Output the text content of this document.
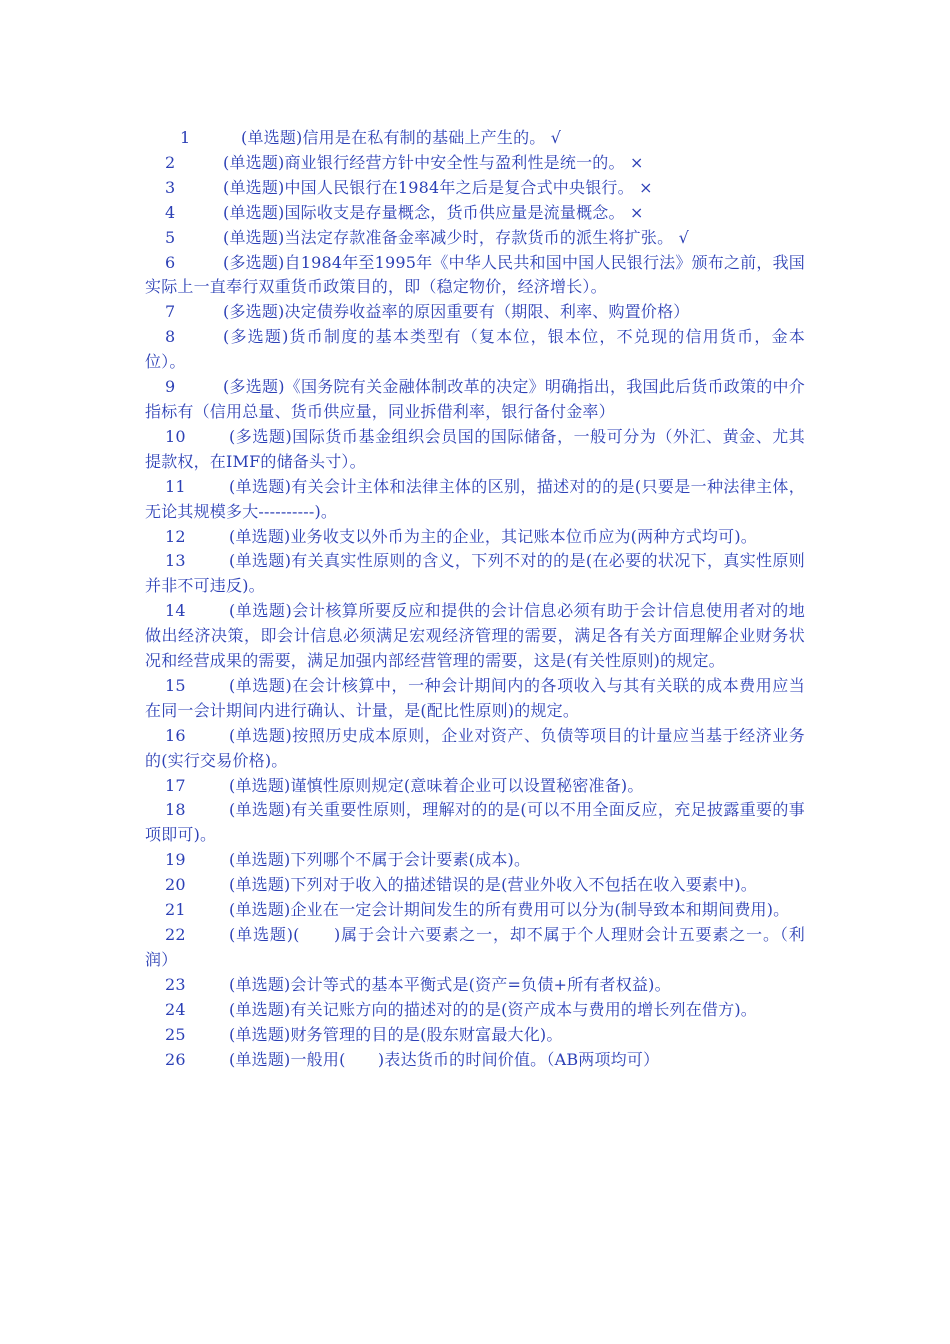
1	(单选题)信用是在私有制的基础上产生的。 √

2	(单选题)商业银行经营方针中安全性与盈利性是统一的。 ×

3	(单选题)中国人民银行在1984年之后是复合式中央银行。 ×

4	(单选题)国际收支是存量概念，货币供应量是流量概念。 ×

5	(单选题)当法定存款准备金率减少时，存款货币的派生将扩张。 √

6	(多选题)自1984年至1995年《中华人民共和国中国人民银行法》颁布之前，我国实际上一直奉行双重货币政策目的，即（稳定物价，经济增长）。

7	(多选题)决定债券收益率的原因重要有（期限、利率、购置价格）

8	(多选题)货币制度的基本类型有（复本位，银本位，不兑现的信用货币，金本位）。

9	(多选题)《国务院有关金融体制改革的决定》明确指出，我国此后货币政策的中介指标有（信用总量、货币供应量，同业拆借利率，银行备付金率）

10	(多选题)国际货币基金组织会员国的国际储备，一般可分为（外汇、黄金、尤其提款权，在IMF的储备头寸）。

11	(单选题)有关会计主体和法律主体的区别，描述对的的是(只要是一种法律主体，无论其规模多大----------)。

12	(单选题)业务收支以外币为主的企业，其记账本位币应为(两种方式均可)。

13	(单选题)有关真实性原则的含义，下列不对的的是(在必要的状况下，真实性原则并非不可违反)。

14	(单选题)会计核算所要反应和提供的会计信息必须有助于会计信息使用者对的地做出经济决策，即会计信息必须满足宏观经济管理的需要，满足各有关方面理解企业财务状况和经营成果的需要，满足加强内部经营管理的需要，这是(有关性原则)的规定。

15	(单选题)在会计核算中，一种会计期间内的各项收入与其有关联的成本费用应当在同一会计期间内进行确认、计量，是(配比性原则)的规定。

16	(单选题)按照历史成本原则，企业对资产、负债等项目的计量应当基于经济业务的(实行交易价格)。

17	(单选题)谨慎性原则规定(意味着企业可以设置秘密准备)。

18	(单选题)有关重要性原则，理解对的的是(可以不用全面反应，充足披露重要的事项即可)。

19	(单选题)下列哪个不属于会计要素(成本)。

20	(单选题)下列对于收入的描述错误的是(营业外收入不包括在收入要素中)。

21	(单选题)企业在一定会计期间发生的所有费用可以分为(制导致本和期间费用)。

22	(单选题)(　　)属于会计六要素之一，却不属于个人理财会计五要素之一。（利润）

23	(单选题)会计等式的基本平衡式是(资产=负债+所有者权益)。

24	(单选题)有关记账方向的描述对的的是(资产成本与费用的增长列在借方)。

25	(单选题)财务管理的目的是(股东财富最大化)。

26	(单选题)一般用(　　)表达货币的时间价值。（AB两项均可）
